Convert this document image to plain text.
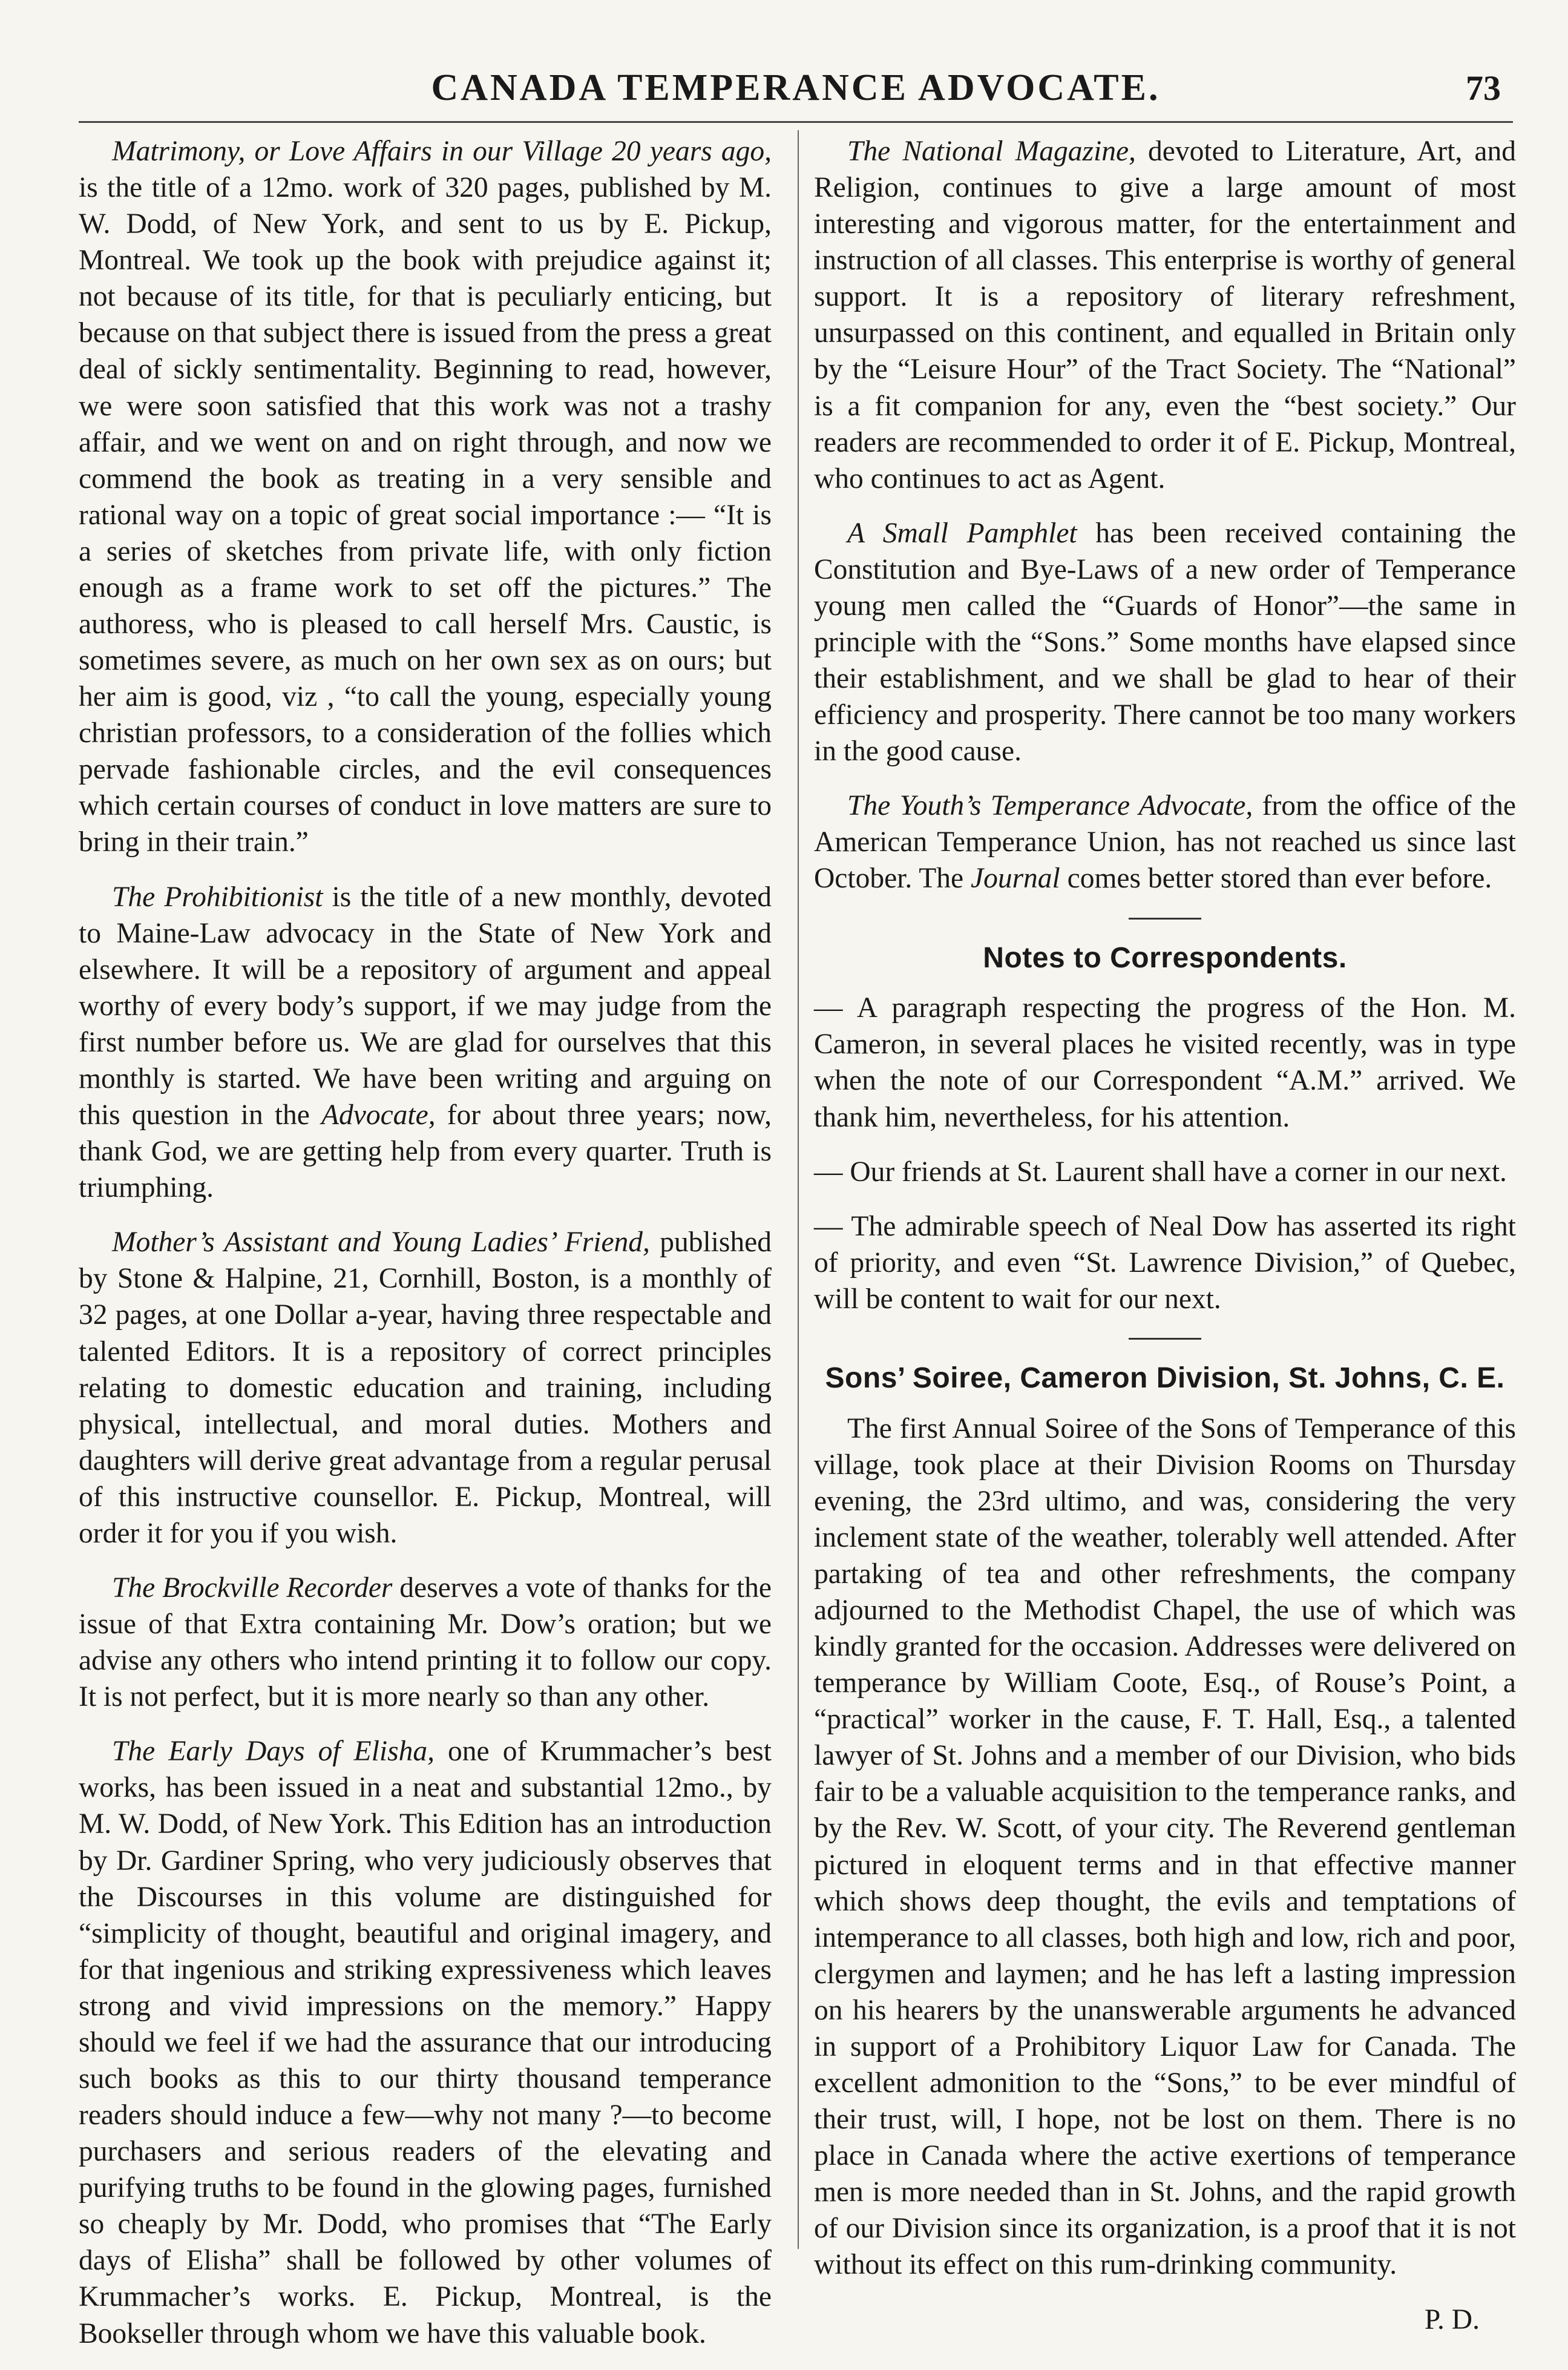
CANADA TEMPERANCE ADVOCATE.	73

Matrimony, or Love Affairs in our Village 20 years ago, is the title of a 12mo. work of 320 pages, published by M. W. Dodd, of New York, and sent to us by E. Pickup, Montreal. We took up the book with prejudice against it; not because of its title, for that is peculiarly enticing, but because on that subject there is issued from the press a great deal of sickly sentimentality. Beginning to read, however, we were soon satisfied that this work was not a trashy affair, and we went on and on right through, and now we commend the book as treating in a very sensible and rational way on a topic of great social importance :— “It is a series of sketches from private life, with only fiction enough as a frame work to set off the pictures.” The authoress, who is pleased to call herself Mrs. Caustic, is sometimes severe, as much on her own sex as on ours; but her aim is good, viz , “to call the young, especially young christian professors, to a consideration of the follies which pervade fashionable circles, and the evil consequences which certain courses of conduct in love matters are sure to bring in their train.”

The Prohibitionist is the title of a new monthly, devoted to Maine-Law advocacy in the State of New York and elsewhere. It will be a repository of argument and appeal worthy of every body’s support, if we may judge from the first number before us. We are glad for ourselves that this monthly is started. We have been writing and arguing on this question in the Advocate, for about three years; now, thank God, we are getting help from every quarter. Truth is triumphing.

Mother’s Assistant and Young Ladies’ Friend, published by Stone & Halpine, 21, Cornhill, Boston, is a monthly of 32 pages, at one Dollar a-year, having three respectable and talented Editors. It is a repository of correct principles relating to domestic education and training, including physical, intellectual, and moral duties. Mothers and daughters will derive great advantage from a regular perusal of this instructive counsellor. E. Pickup, Montreal, will order it for you if you wish.

The Brockville Recorder deserves a vote of thanks for the issue of that Extra containing Mr. Dow’s oration; but we advise any others who intend printing it to follow our copy. It is not perfect, but it is more nearly so than any other.

The Early Days of Elisha, one of Krummacher’s best works, has been issued in a neat and substantial 12mo., by M. W. Dodd, of New York. This Edition has an introduction by Dr. Gardiner Spring, who very judiciously observes that the Discourses in this volume are distinguished for “simplicity of thought, beautiful and original imagery, and for that ingenious and striking expressiveness which leaves strong and vivid impressions on the memory.” Happy should we feel if we had the assurance that our introducing such books as this to our thirty thousand temperance readers should induce a few—why not many ?—to become purchasers and serious readers of the elevating and purifying truths to be found in the glowing pages, furnished so cheaply by Mr. Dodd, who promises that “The Early days of Elisha” shall be followed by other volumes of Krummacher’s works. E. Pickup, Montreal, is the Bookseller through whom we have this valuable book.

The National Magazine, devoted to Literature, Art, and Religion, continues to give a large amount of most interesting and vigorous matter, for the entertainment and instruction of all classes. This enterprise is worthy of general support. It is a repository of literary refreshment, unsurpassed on this continent, and equalled in Britain only by the “Leisure Hour” of the Tract Society. The “National” is a fit companion for any, even the “best society.” Our readers are recommended to order it of E. Pickup, Montreal, who continues to act as Agent.

A Small Pamphlet has been received containing the Constitution and Bye-Laws of a new order of Temperance young men called the “Guards of Honor”—the same in principle with the “Sons.” Some months have elapsed since their establishment, and we shall be glad to hear of their efficiency and prosperity. There cannot be too many workers in the good cause.

The Youth’s Temperance Advocate, from the office of the American Temperance Union, has not reached us since last October. The Journal comes better stored than ever before.

Notes to Correspondents.

— A paragraph respecting the progress of the Hon. M. Cameron, in several places he visited recently, was in type when the note of our Correspondent “A.M.” arrived. We thank him, nevertheless, for his attention.

— Our friends at St. Laurent shall have a corner in our next.

— The admirable speech of Neal Dow has asserted its right of priority, and even “St. Lawrence Division,” of Quebec, will be content to wait for our next.

Sons’ Soiree, Cameron Division, St. Johns, C. E.

The first Annual Soiree of the Sons of Temperance of this village, took place at their Division Rooms on Thursday evening, the 23rd ultimo, and was, considering the very inclement state of the weather, tolerably well attended. After partaking of tea and other refreshments, the company adjourned to the Methodist Chapel, the use of which was kindly granted for the occasion. Addresses were delivered on temperance by William Coote, Esq., of Rouse’s Point, a “practical” worker in the cause, F. T. Hall, Esq., a talented lawyer of St. Johns and a member of our Division, who bids fair to be a valuable acquisition to the temperance ranks, and by the Rev. W. Scott, of your city. The Reverend gentleman pictured in eloquent terms and in that effective manner which shows deep thought, the evils and temptations of intemperance to all classes, both high and low, rich and poor, clergymen and laymen; and he has left a lasting impression on his hearers by the unanswerable arguments he advanced in support of a Prohibitory Liquor Law for Canada. The excellent admonition to the “Sons,” to be ever mindful of their trust, will, I hope, not be lost on them. There is no place in Canada where the active exertions of temperance men is more needed than in St. Johns, and the rapid growth of our Division since its organization, is a proof that it is not without its effect on this rum-drinking community.

P. D.
